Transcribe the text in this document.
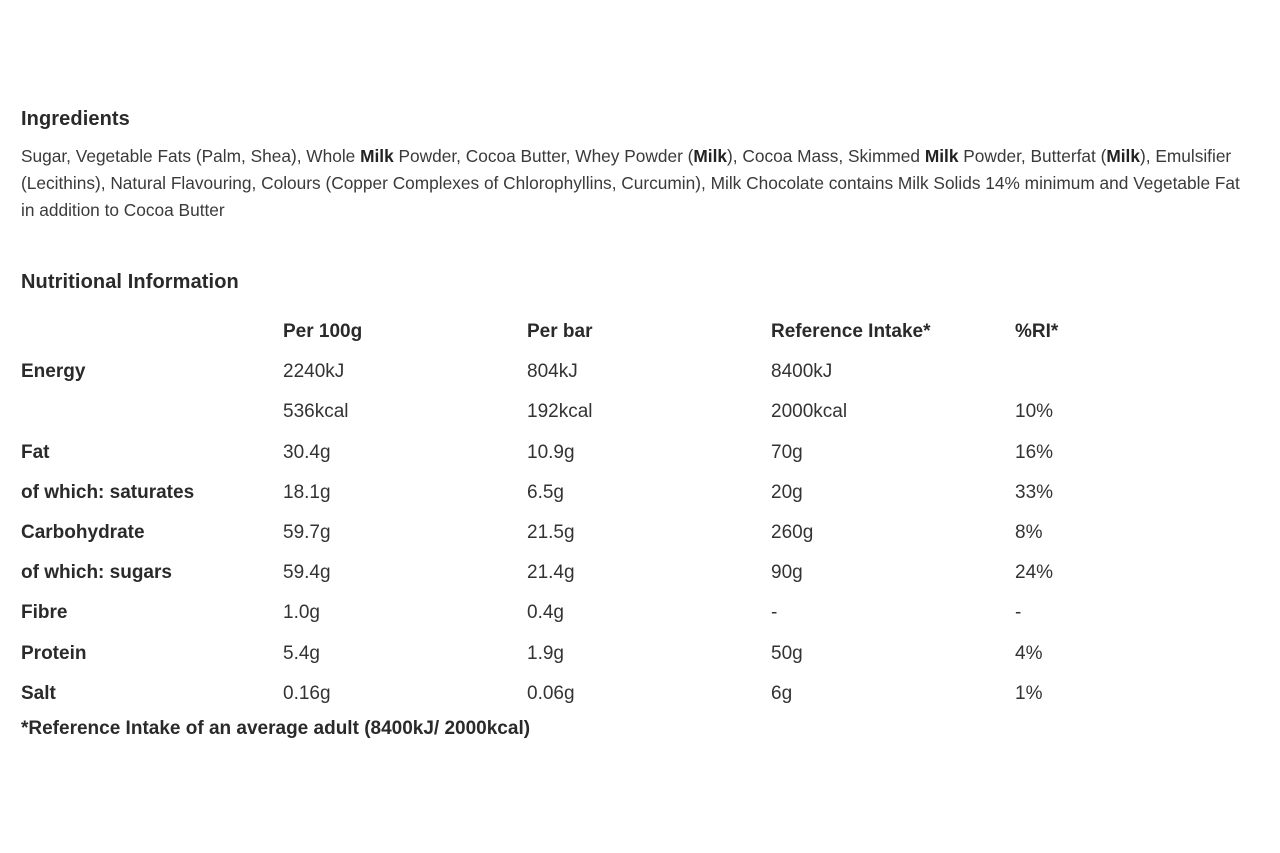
Ingredients

Sugar, Vegetable Fats (Palm, Shea), Whole Milk Powder, Cocoa Butter, Whey Powder (Milk), Cocoa Mass, Skimmed Milk Powder, Butterfat (Milk), Emulsifier (Lecithins), Natural Flavouring, Colours (Copper Complexes of Chlorophyllins, Curcumin), Milk Chocolate contains Milk Solids 14% minimum and Vegetable Fat in addition to Cocoa Butter

Nutritional Information
	Per 100g	Per bar	Reference Intake*	%RI*
Energy	2240kJ	804kJ	8400kJ	
	536kcal	192kcal	2000kcal	10%
Fat	30.4g	10.9g	70g	16%
of which: saturates	18.1g	6.5g	20g	33%
Carbohydrate	59.7g	21.5g	260g	8%
of which: sugars	59.4g	21.4g	90g	24%
Fibre	1.0g	0.4g	-	-
Protein	5.4g	1.9g	50g	4%
Salt	0.16g	0.06g	6g	1%
*Reference Intake of an average adult (8400kJ/ 2000kcal)
